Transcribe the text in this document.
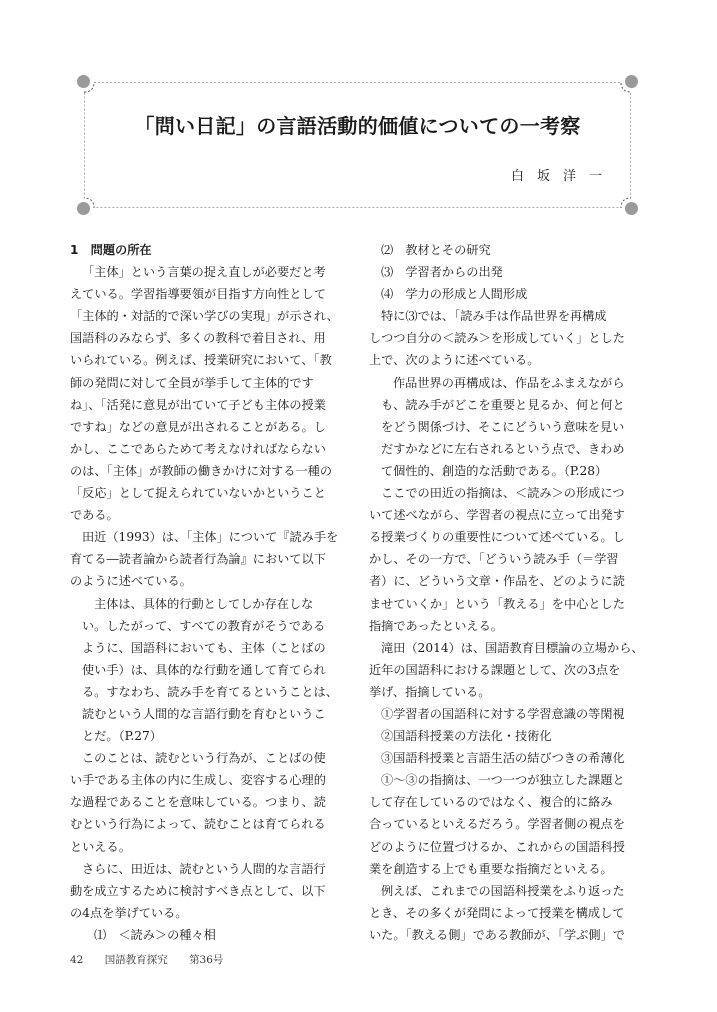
「問い日記」の言語活動的価値についての一考察
白坂洋一
1　問題の所在
「主体」という言葉の捉え直しが必要だと考
えている。学習指導要領が目指す方向性として
「主体的・対話的で深い学びの実現」が示され、
国語科のみならず、多くの教科で着目され、用
いられている。例えば、授業研究において、「教
師の発問に対して全員が挙手して主体的です
ね」、「活発に意見が出ていて子ども主体の授業
ですね」などの意見が出されることがある。し
かし、ここであらためて考えなければならない
のは、「主体」が教師の働きかけに対する一種の
「反応」として捉えられていないかということ
である。
田近（1993）は、「主体」について『読み手を
育てる―読者論から読者行為論』において以下
のように述べている。
主体は、具体的行動としてしか存在しな
い。したがって、すべての教育がそうである
ように、国語科においても、主体（ことばの
使い手）は、具体的な行動を通して育てられ
る。すなわち、読み手を育てるということは、
読むという人間的な言語行動を育むというこ
とだ。（P.27）
このことは、読むという行為が、ことばの使
い手である主体の内に生成し、変容する心理的
な過程であることを意味している。つまり、読
むという行為によって、読むことは育てられる
といえる。
さらに、田近は、読むという人間的な言語行
動を成立するために検討すべき点として、以下
の4点を挙げている。
⑴　＜読み＞の種々相
⑵　教材とその研究
⑶　学習者からの出発
⑷　学力の形成と人間形成
特に⑶では、「読み手は作品世界を再構成
しつつ自分の＜読み＞を形成していく」とした
上で、次のように述べている。
作品世界の再構成は、作品をふまえながら
も、読み手がどこを重要と見るか、何と何と
をどう関係づけ、そこにどういう意味を見い
だすかなどに左右されるという点で、きわめ
て個性的、創造的な活動である。（P.28）
ここでの田近の指摘は、＜読み＞の形成につ
いて述べながら、学習者の視点に立って出発す
る授業づくりの重要性について述べている。し
かし、その一方で、「どういう読み手（＝学習
者）に、どういう文章・作品を、どのように読
ませていくか」という「教える」を中心とした
指摘であったといえる。
滝田（2014）は、国語教育目標論の立場から、
近年の国語科における課題として、次の3点を
挙げ、指摘している。
①学習者の国語科に対する学習意識の等閑視
②国語科授業の方法化・技術化
③国語科授業と言語生活の結びつきの希薄化
①～③の指摘は、一つ一つが独立した課題と
して存在しているのではなく、複合的に絡み
合っているといえるだろう。学習者側の視点を
どのように位置づけるか、これからの国語科授
業を創造する上でも重要な指摘だといえる。
例えば、これまでの国語科授業をふり返った
とき、その多くが発問によって授業を構成して
いた。「教える側」である教師が、「学ぶ側」で
42 国語教育探究 第36号
